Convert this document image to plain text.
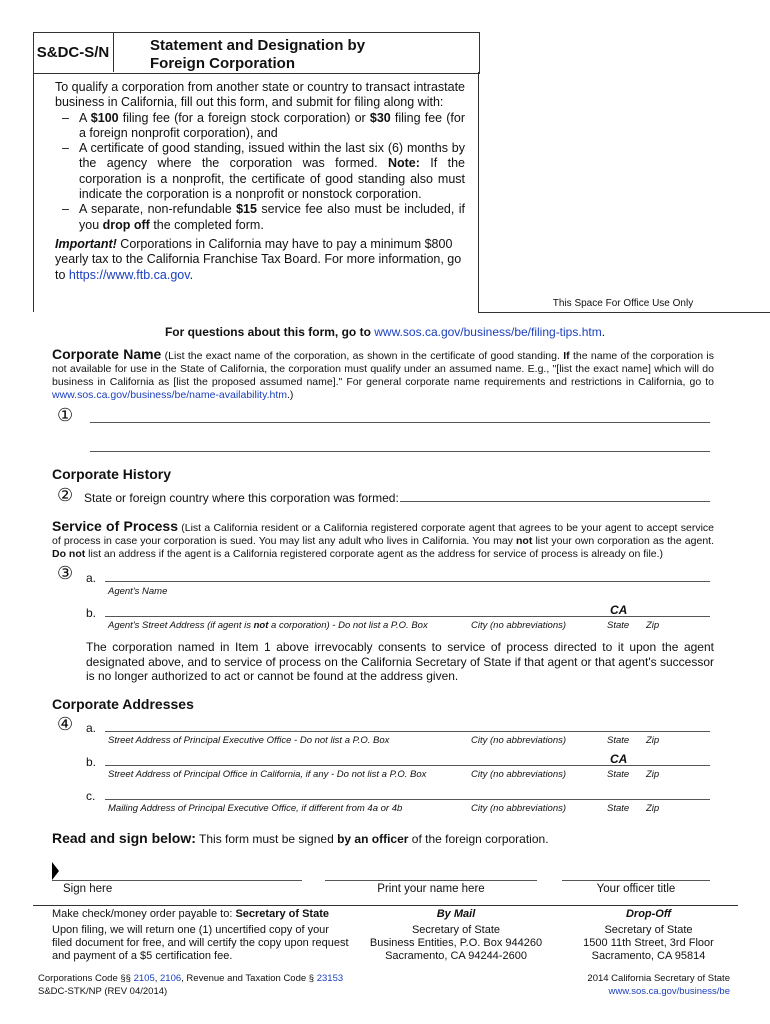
S&DC-S/N	Statement and Designation by
Foreign Corporation
This Space For Office Use Only

To qualify a corporation from another state or country to transact intrastate business in California, fill out this form, and submit for filing along with:

– A $100 filing fee (for a foreign stock corporation) or $30 filing fee (for a foreign nonprofit corporation), and

– A certificate of good standing, issued within the last six (6) months by the agency where the corporation was formed. Note: If the corporation is a nonprofit, the certificate of good standing also must indicate the corporation is a nonprofit or nonstock corporation.

– A separate, non-refundable $15 service fee also must be included, if you drop off the completed form.

Important! Corporations in California may have to pay a minimum $800 yearly tax to the California Franchise Tax Board. For more information, go to https://www.ftb.ca.gov.

For questions about this form, go to www.sos.ca.gov/business/be/filing-tips.htm.
Corporate Name (List the exact name of the corporation, as shown in the certificate of good standing. If the name of the corporation is not available for use in the State of California, the corporation must qualify under an assumed name. E.g., "[list the exact name] which will do business in California as [list the proposed assumed name]." For general corporate name requirements and restrictions in California, go to www.sos.ca.gov/business/be/name-availability.htm.)
①
Corporate History
② State or foreign country where this corporation was formed:
Service of Process (List a California resident or a California registered corporate agent that agrees to be your agent to accept service of process in case your corporation is sued. You may list any adult who lives in California. You may not list your own corporation as the agent. Do not list an address if the agent is a California registered corporate agent as the address for service of process is already on file.)
③ a.
Agent's Name
b.	CA
Agent's Street Address (if agent is not a corporation) - Do not list a P.O. Box	City (no abbreviations)	State Zip
The corporation named in Item 1 above irrevocably consents to service of process directed to it upon the agent designated above, and to service of process on the California Secretary of State if that agent or that agent's successor is no longer authorized to act or cannot be found at the address given.
Corporate Addresses
④ a.
Street Address of Principal Executive Office - Do not list a P.O. Box	City (no abbreviations)	State Zip
b.	CA
Street Address of Principal Office in California, if any - Do not list a P.O. Box	City (no abbreviations)	State Zip
c.
Mailing Address of Principal Executive Office, if different from 4a or 4b	City (no abbreviations)	State Zip
Read and sign below: This form must be signed by an officer of the foreign corporation.
Sign here	Print your name here	Your officer title
Make check/money order payable to: Secretary of State
Upon filing, we will return one (1) uncertified copy of your filed document for free, and will certify the copy upon request and payment of a $5 certification fee.
By Mail
Secretary of State
Business Entities, P.O. Box 944260
Sacramento, CA 94244-2600
Drop-Off
Secretary of State
1500 11th Street, 3rd Floor
Sacramento, CA 95814
Corporations Code §§ 2105, 2106, Revenue and Taxation Code § 23153
S&DC-STK/NP (REV 04/2014)
2014 California Secretary of State
www.sos.ca.gov/business/be
